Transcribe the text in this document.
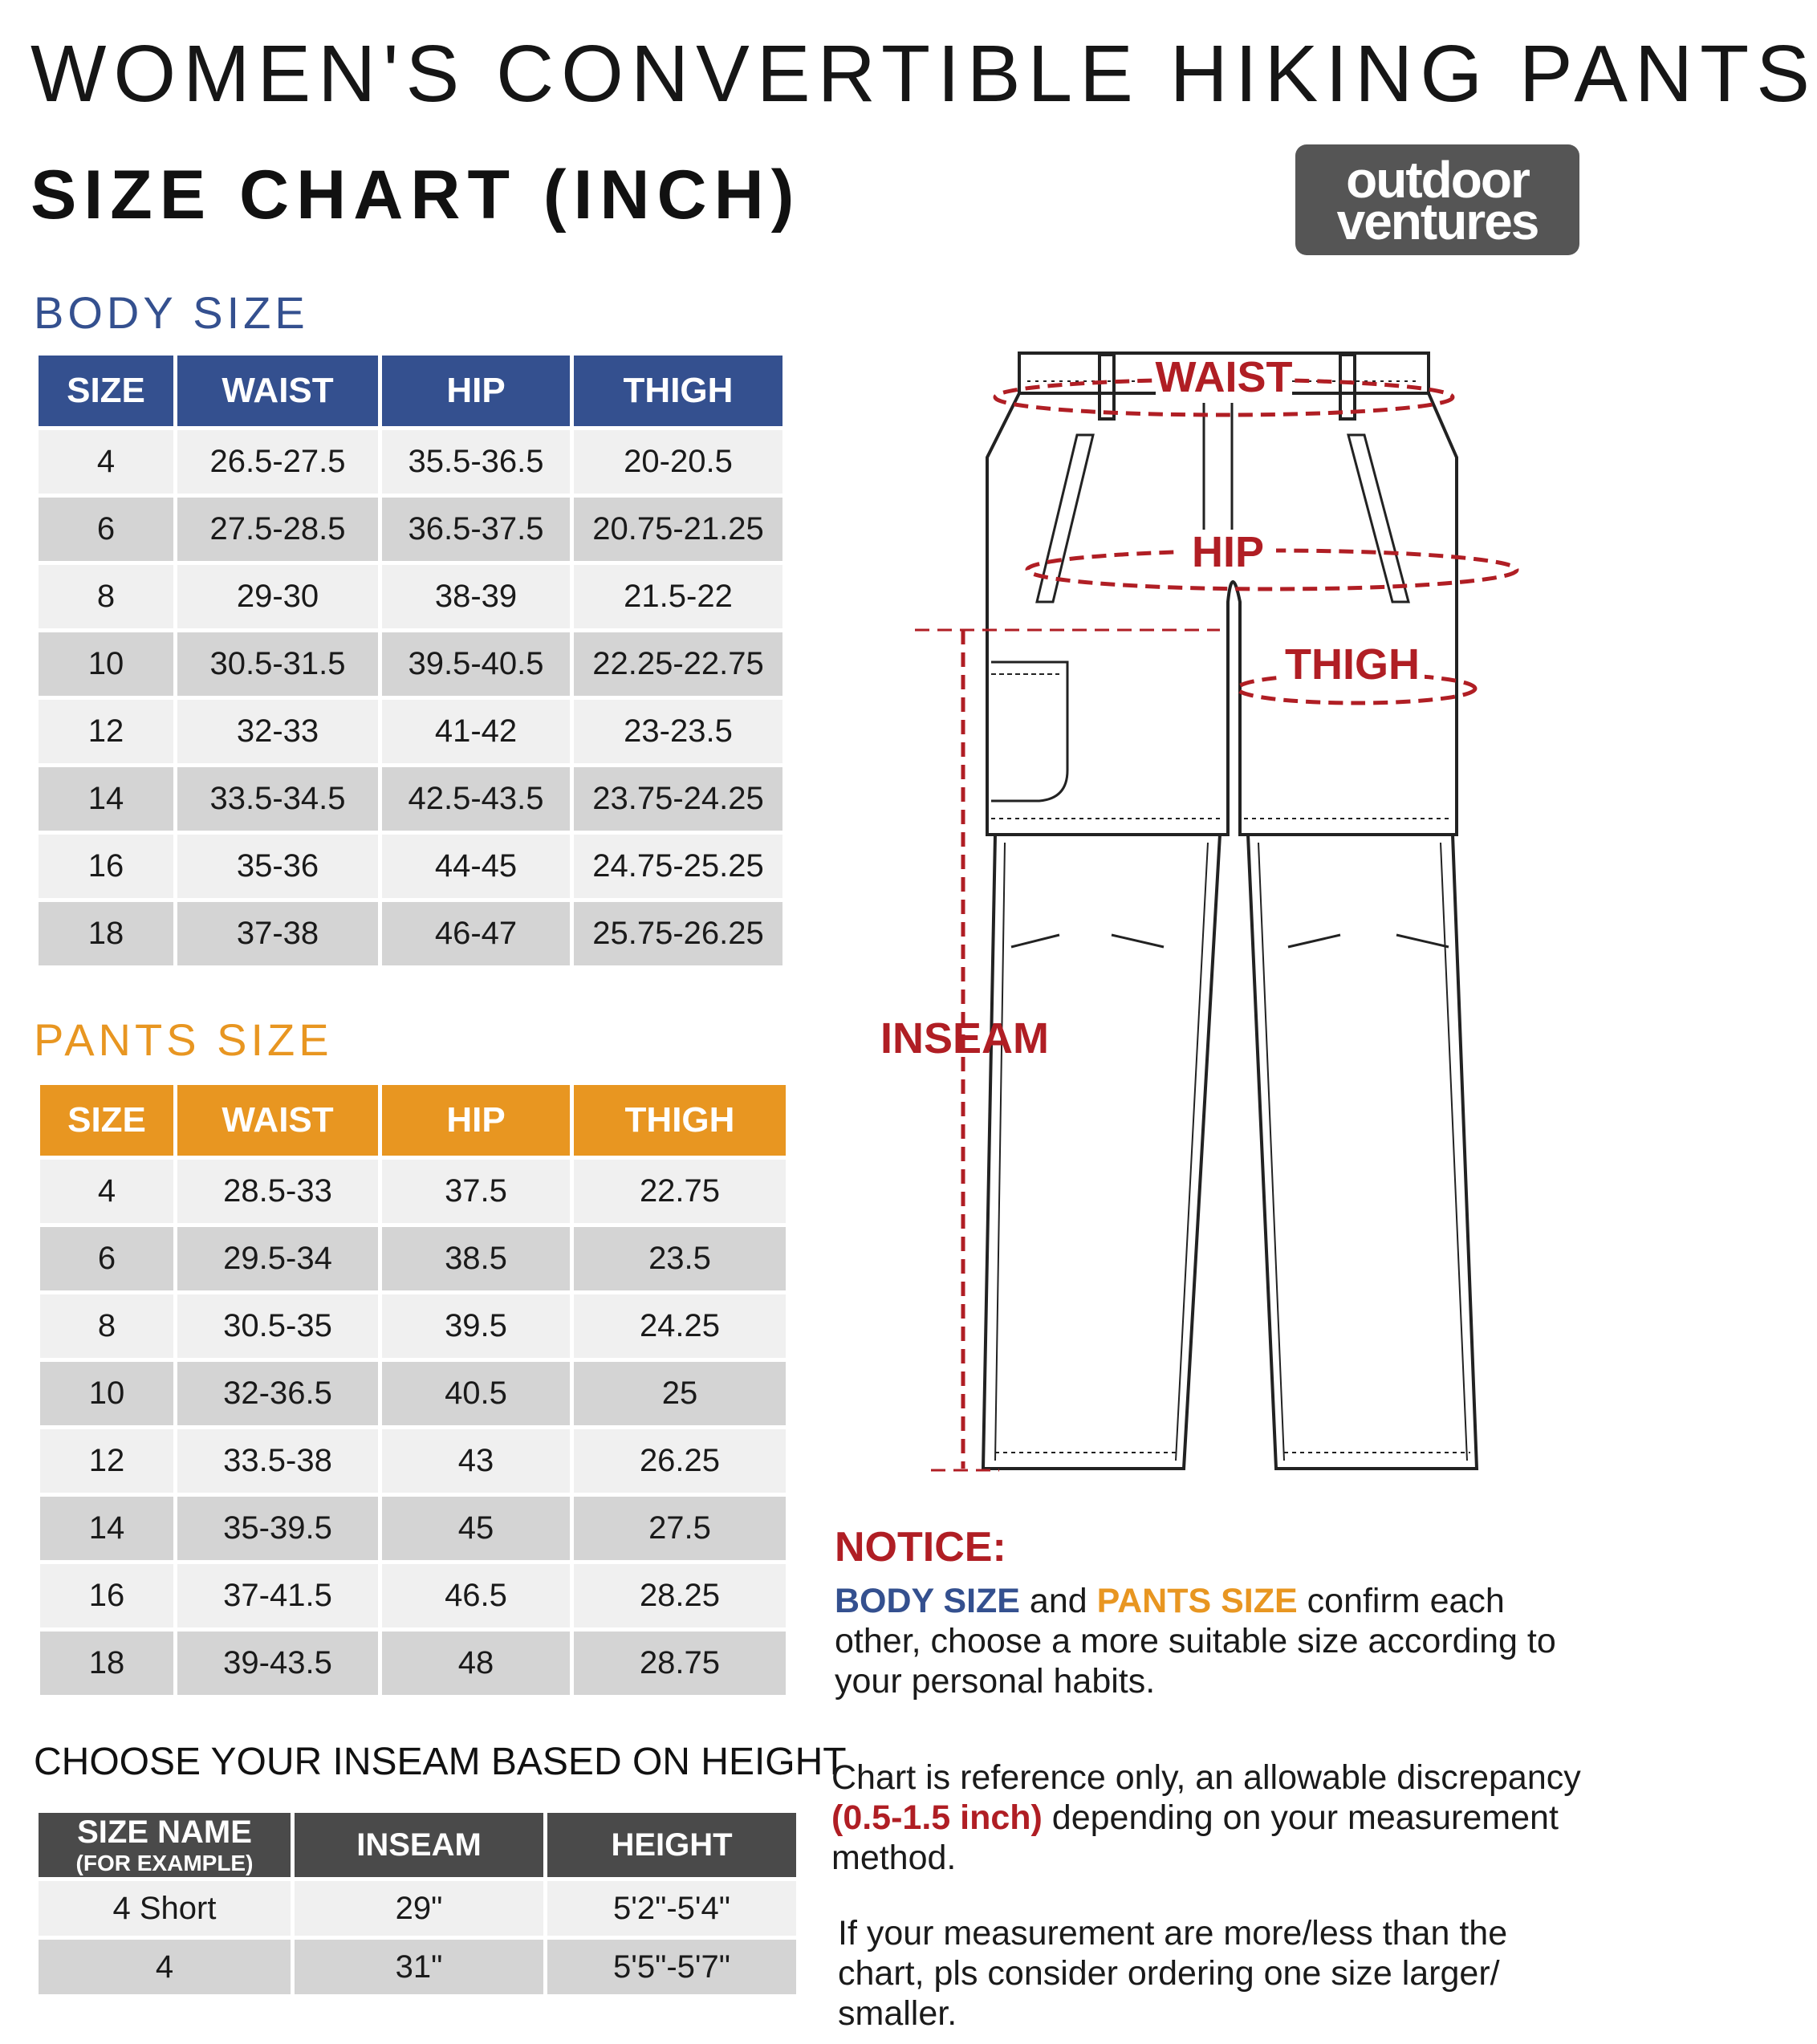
WOMEN'S CONVERTIBLE HIKING PANTS
SIZE CHART (INCH)	outdoor
ventures
BODY SIZE
SIZE	WAIST	HIP	THIGH
4	26.5-27.5	35.5-36.5	20-20.5
6	27.5-28.5	36.5-37.5	20.75-21.25
8	29-30	38-39	21.5-22
10	30.5-31.5	39.5-40.5	22.25-22.75
12	32-33	41-42	23-23.5
14	33.5-34.5	42.5-43.5	23.75-24.25
16	35-36	44-45	24.75-25.25
18	37-38	46-47	25.75-26.25
PANTS SIZE
SIZE	WAIST	HIP	THIGH
4	28.5-33	37.5	22.75
6	29.5-34	38.5	23.5
8	30.5-35	39.5	24.25
10	32-36.5	40.5	25
12	33.5-38	43	26.25
14	35-39.5	45	27.5
16	37-41.5	46.5	28.25
18	39-43.5	48	28.75
CHOOSE YOUR INSEAM BASED ON HEIGHT
SIZE NAME
(FOR EXAMPLE)	INSEAM	HEIGHT
4 Short	29"	5'2"-5'4"
4	31"	5'5"-5'7"
WAIST
HIP
THIGH
INSEAM
NOTICE:
BODY SIZE and PANTS SIZE confirm each other, choose a more suitable size according to your personal habits.
Chart is reference only, an allowable discrepancy (0.5-1.5 inch) depending on your measurement method.
If your measurement are more/less than the chart, pls consider ordering one size larger/ smaller.
